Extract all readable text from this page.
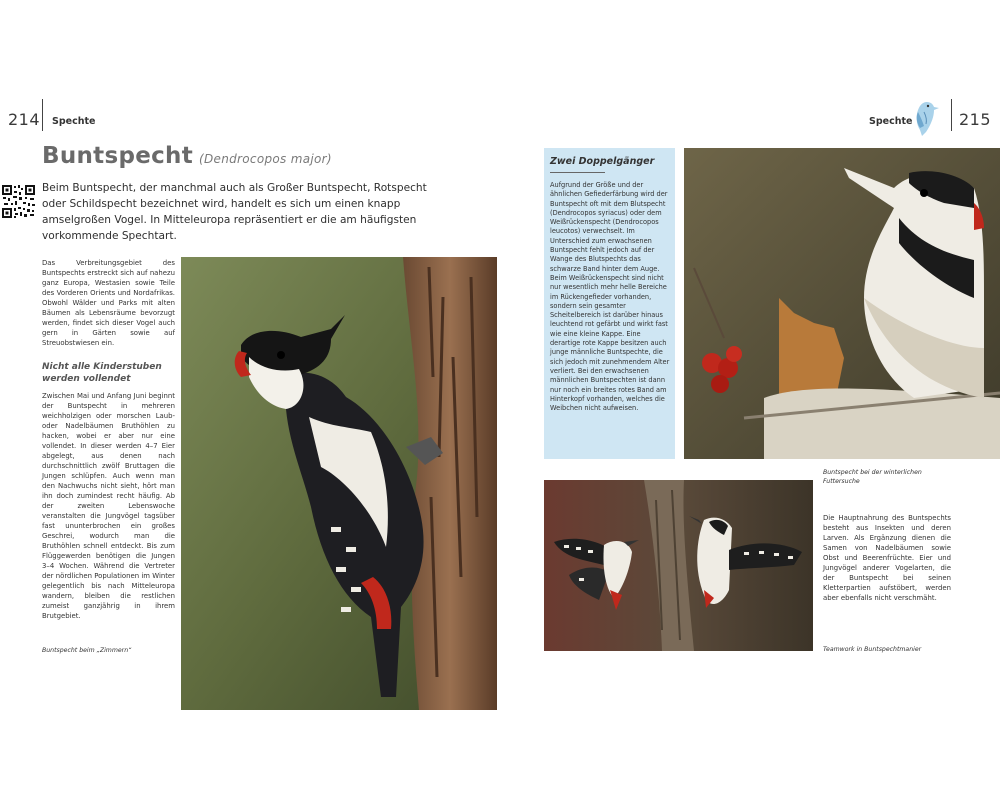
214 Spechte
Buntspecht (Dendrocopos major)
Beim Buntspecht, der manchmal auch als Großer Buntspecht, Rotspecht oder Schildspecht bezeichnet wird, handelt es sich um einen knapp amselgroßen Vogel. In Mitteleuropa repräsentiert er die am häufigsten vorkommende Spechtart.
Das Verbreitungsgebiet des Buntspechts erstreckt sich auf nahezu ganz Europa, Westasien sowie Teile des Vorderen Orients und Nordafrikas. Obwohl Wälder und Parks mit alten Bäumen als Lebensräume bevorzugt werden, findet sich dieser Vogel auch gern in Gärten sowie auf Streuobstwiesen ein.
Nicht alle Kinderstuben werden vollendet
Zwischen Mai und Anfang Juni beginnt der Buntspecht in mehreren weichholzigen oder morschen Laub- oder Nadelbäumen Bruthöhlen zu hacken, wobei er aber nur eine vollendet. In dieser werden 4–7 Eier abgelegt, aus denen nach durchschnittlich zwölf Bruttagen die Jungen schlüpfen. Auch wenn man den Nachwuchs nicht sieht, hört man ihn doch zumindest recht häufig. Ab der zweiten Lebenswoche veranstalten die Jungvögel tagsüber fast ununterbrochen ein großes Geschrei, wodurch man die Bruthöhlen schnell entdeckt. Bis zum Flüggewerden benötigen die Jungen 3–4 Wochen. Während die Vertreter der nördlichen Populationen im Winter gelegentlich bis nach Mitteleuropa wandern, bleiben die restlichen zumeist ganzjährig in ihrem Brutgebiet.
Buntspecht beim „Zimmern“
Spechte	215
Zwei Doppelgänger
Aufgrund der Größe und der ähnlichen Gefiederfärbung wird der Buntspecht oft mit dem Blutspecht (Dendrocopos syriacus) oder dem Weißrückenspecht (Dendrocopos leucotos) verwechselt. Im Unterschied zum erwachsenen Buntspecht fehlt jedoch auf der Wange des Blutspechts das schwarze Band hinter dem Auge. Beim Weißrückenspecht sind nicht nur wesentlich mehr helle Bereiche im Rückengefieder vorhanden, sondern sein gesamter Scheitelbereich ist darüber hinaus leuchtend rot gefärbt und wirkt fast wie eine kleine Kappe. Eine derartige rote Kappe besitzen auch junge männliche Buntspechte, die sich jedoch mit zunehmendem Alter verliert. Bei den erwachsenen männlichen Buntspechten ist dann nur noch ein breites rotes Band am Hinterkopf vorhanden, welches die Weibchen nicht aufweisen.
Buntspecht bei der winterlichen Futtersuche
Teamwork in Buntspechtmanier
Die Hauptnahrung des Buntspechts besteht aus Insekten und deren Larven. Als Ergänzung dienen die Samen von Nadelbäumen sowie Obst und Beerenfrüchte. Eier und Jungvögel anderer Vogelarten, die der Buntspecht bei seinen Kletterpartien aufstöbert, werden aber ebenfalls nicht verschmäht.
